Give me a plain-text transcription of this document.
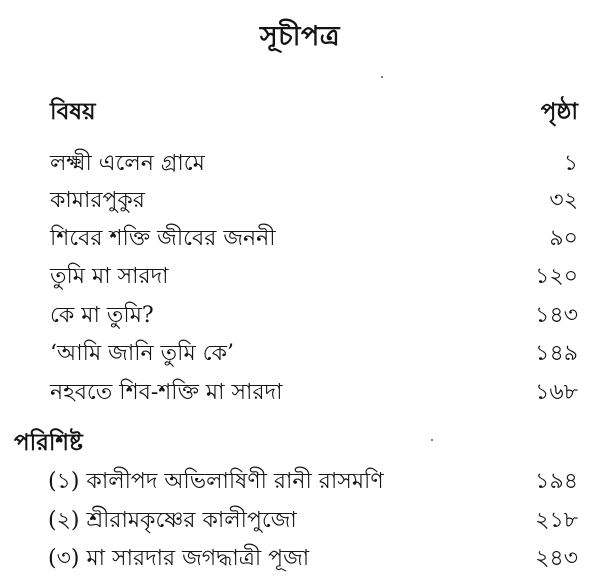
সূচীপত্র
বিষয়	পৃষ্ঠা
লক্ষ্মী এলেন গ্রামে	১
কামারপুকুর	৩২
শিবের শক্তি জীবের জননী	৯০
তুমি মা সারদা	১২০
কে মা তুমি?	১৪৩
‘আমি জানি তুমি কে’	১৪৯
নহবতে শিব-শক্তি মা সারদা	১৬৮
পরিশিষ্ট
(১) কালীপদ অভিলাষিণী রানী রাসমণি	১৯৪
(২) শ্রীরামকৃষ্ণের কালীপুজো	২১৮
(৩) মা সারদার জগদ্ধাত্রী পূজা	২৪৩
